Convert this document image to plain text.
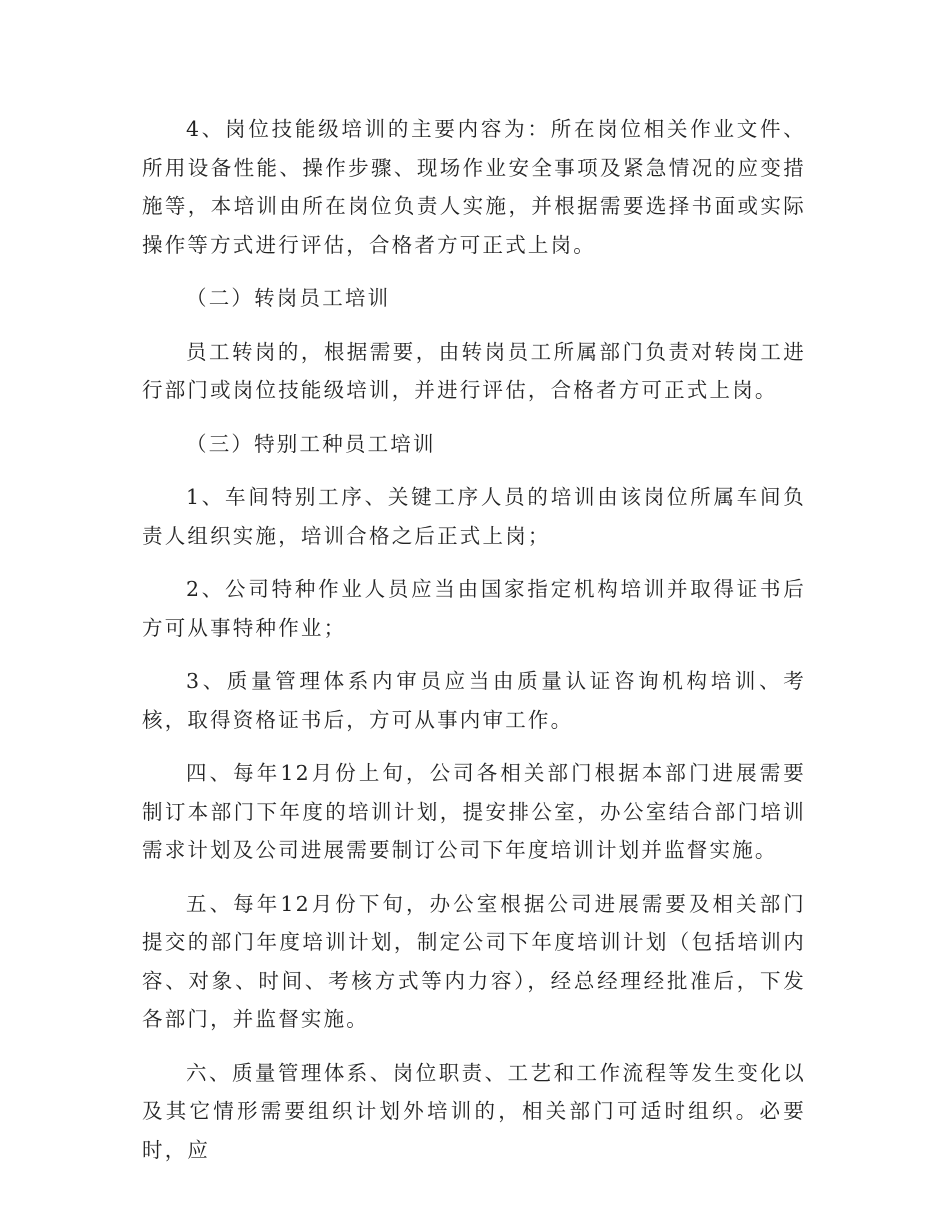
4、岗位技能级培训的主要内容为：所在岗位相关作业文件、所用设备性能、操作步骤、现场作业安全事项及紧急情况的应变措施等，本培训由所在岗位负责人实施，并根据需要选择书面或实际操作等方式进行评估，合格者方可正式上岗。

（二）转岗员工培训

员工转岗的，根据需要，由转岗员工所属部门负责对转岗工进行部门或岗位技能级培训，并进行评估，合格者方可正式上岗。

（三）特别工种员工培训

1、车间特别工序、关键工序人员的培训由该岗位所属车间负责人组织实施，培训合格之后正式上岗；

2、公司特种作业人员应当由国家指定机构培训并取得证书后方可从事特种作业；

3、质量管理体系内审员应当由质量认证咨询机构培训、考核，取得资格证书后，方可从事内审工作。

四、每年12月份上旬，公司各相关部门根据本部门进展需要制订本部门下年度的培训计划，提安排公室，办公室结合部门培训需求计划及公司进展需要制订公司下年度培训计划并监督实施。

五、每年12月份下旬，办公室根据公司进展需要及相关部门提交的部门年度培训计划，制定公司下年度培训计划（包括培训内容、对象、时间、考核方式等内力容），经总经理经批准后，下发各部门，并监督实施。

六、质量管理体系、岗位职责、工艺和工作流程等发生变化以及其它情形需要组织计划外培训的，相关部门可适时组织。必要时，应
